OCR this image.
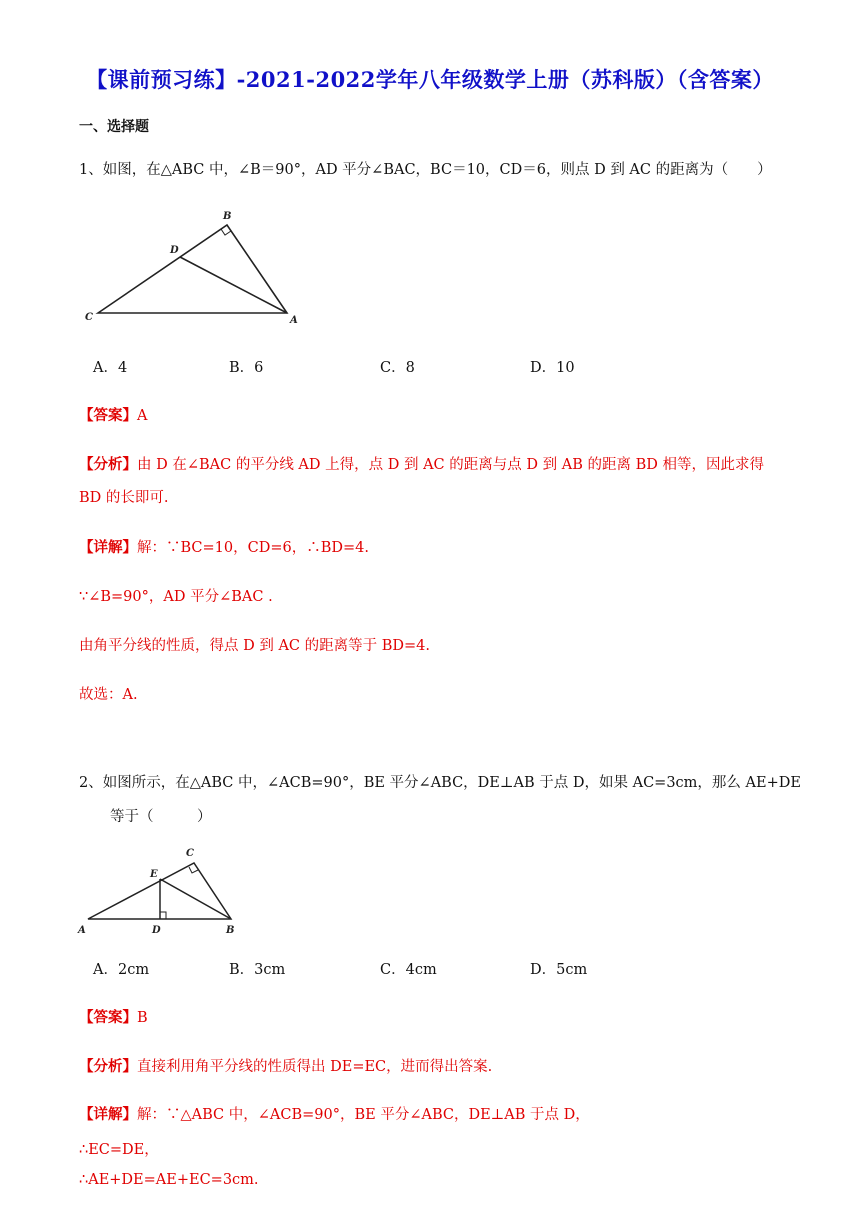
【课前预习练】-2021-2022学年八年级数学上册（苏科版）（含答案）
一、选择题
1、如图，在△ABC 中，∠B＝90°，AD 平分∠BAC，BC＝10，CD＝6，则点 D 到 AC 的距离为（　　）
B
D
C	A
A．4	B．6	C．8	D．10
【答案】A
【分析】由 D 在∠BAC 的平分线 AD 上得，点 D 到 AC 的距离与点 D 到 AB 的距离 BD 相等，因此求得
BD 的长即可.
【详解】解：∵BC=10，CD=6，∴BD=4.
∵∠B=90°，AD 平分∠BAC .
由角平分线的性质，得点 D 到 AC 的距离等于 BD=4.
故选：A.
2、如图所示，在△ABC 中，∠ACB=90°，BE 平分∠ABC，DE⊥AB 于点 D，如果 AC=3cm，那么 AE+DE
等于（　　　）
C
E
A	D	B
A．2cm	B．3cm	C．4cm	D．5cm
【答案】B
【分析】直接利用角平分线的性质得出 DE=EC，进而得出答案.
【详解】解：∵△ABC 中，∠ACB=90°，BE 平分∠ABC，DE⊥AB 于点 D，
∴EC=DE，
∴AE+DE=AE+EC=3cm.
